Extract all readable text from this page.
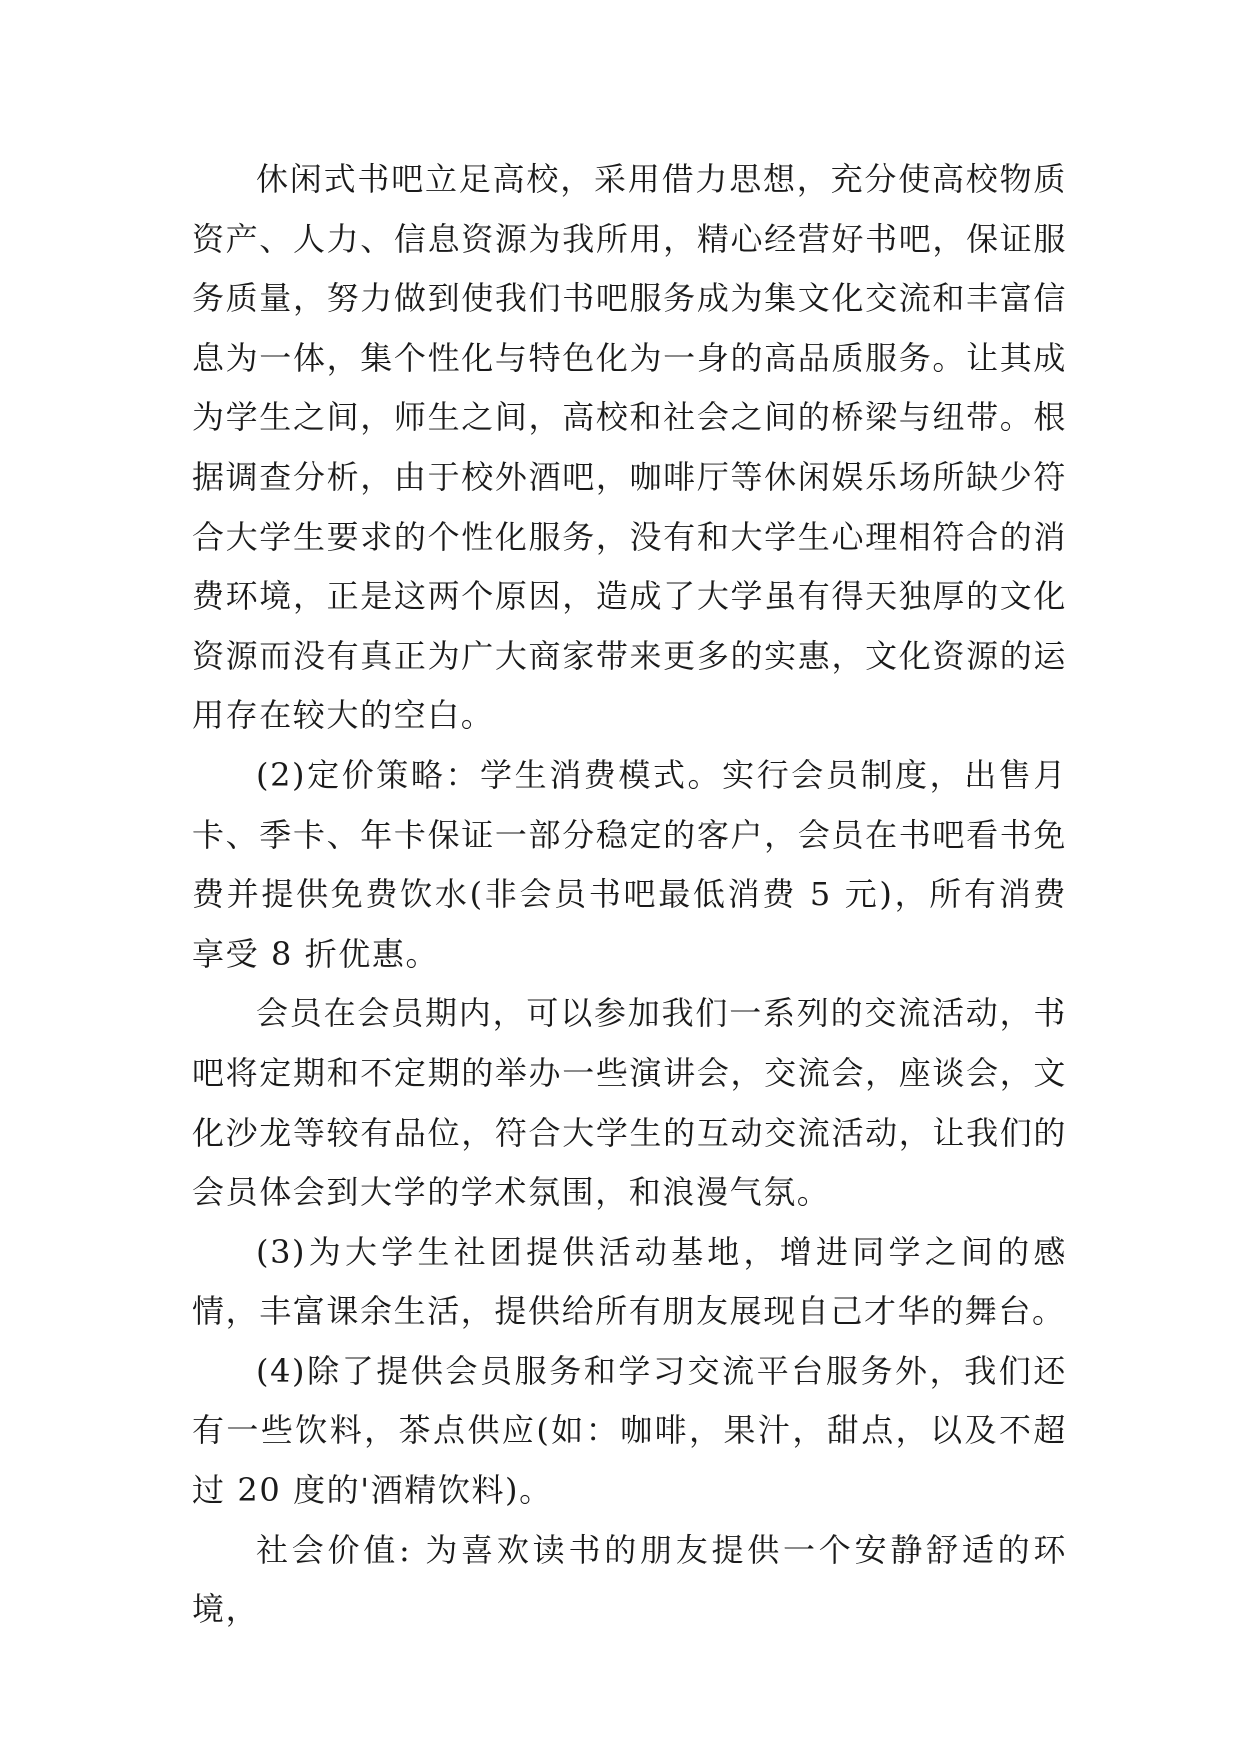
休闲式书吧立足高校，采用借力思想，充分使高校物质资产、人力、信息资源为我所用，精心经营好书吧，保证服务质量，努力做到使我们书吧服务成为集文化交流和丰富信息为一体，集个性化与特色化为一身的高品质服务。让其成为学生之间，师生之间，高校和社会之间的桥梁与纽带。根据调查分析，由于校外酒吧，咖啡厅等休闲娱乐场所缺少符合大学生要求的个性化服务，没有和大学生心理相符合的消费环境，正是这两个原因，造成了大学虽有得天独厚的文化资源而没有真正为广大商家带来更多的实惠，文化资源的运用存在较大的空白。

(2)定价策略：学生消费模式。实行会员制度，出售月卡、季卡、年卡保证一部分稳定的客户，会员在书吧看书免费并提供免费饮水(非会员书吧最低消费 5 元)，所有消费享受 8 折优惠。

会员在会员期内，可以参加我们一系列的交流活动，书吧将定期和不定期的举办一些演讲会，交流会，座谈会，文化沙龙等较有品位，符合大学生的互动交流活动，让我们的会员体会到大学的学术氛围，和浪漫气氛。

(3)为大学生社团提供活动基地，增进同学之间的感情，丰富课余生活，提供给所有朋友展现自己才华的舞台。

(4)除了提供会员服务和学习交流平台服务外，我们还有一些饮料，茶点供应(如：咖啡，果汁，甜点，以及不超过 20 度的'酒精饮料)。

社会价值: 为喜欢读书的朋友提供一个安静舒适的环境，
